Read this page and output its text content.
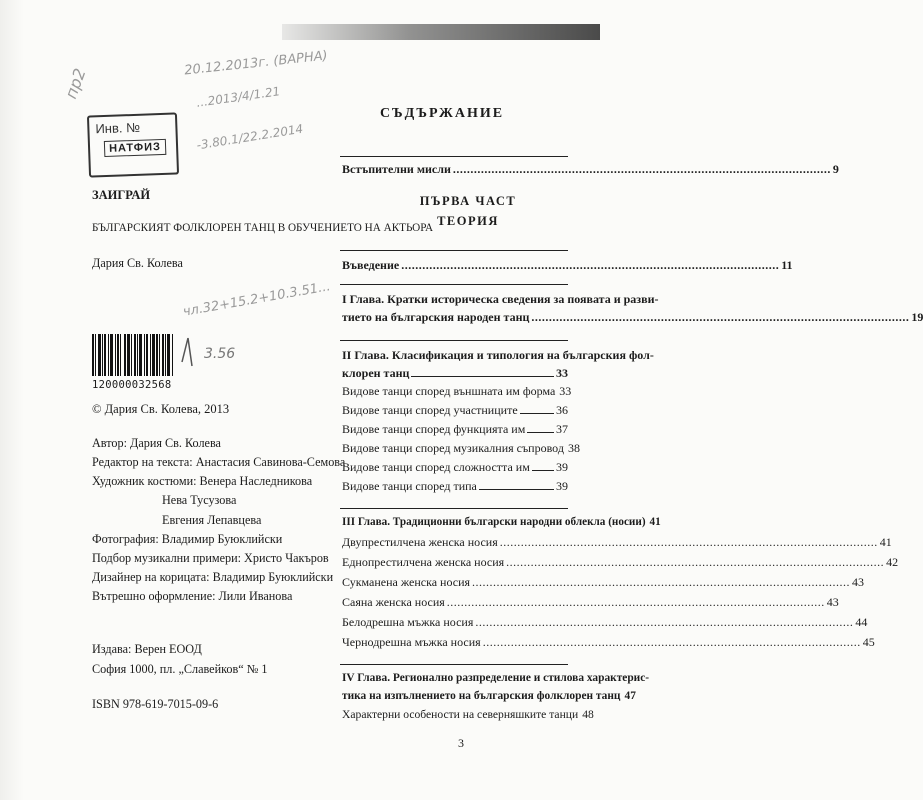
пр2
20.12.2013г. (ВАРНА)
...2013/4/1.21
-3.80.1/22.2.2014
чл.32+15.2+10.3.51...
Инв. №
НАТФИЗ
ЗАИГРАЙ
БЪЛГАРСКИЯТ ФОЛКЛОРЕН ТАНЦ В ОБУЧЕНИЕТО НА АКТЬОРА
Дария Св. Колева
120000032568
3.56
© Дария Св. Колева, 2013
Автор: Дария Св. Колева
Редактор на текста: Анастасия Савинова-Семова
Художник костюми: Венера Наследникова
Нева Тусузова
Евгения Лепавцева
Фотография: Владимир Буюклийски
Подбор музикални примери: Христо Чакъров
Дизайнер на корицата: Владимир Буюклийски
Вътрешно оформление: Лили Иванова
Издава: Верен ЕООД
София 1000, пл. „Славейков“ № 1
ISBN 978-619-7015-09-6
СЪДЪРЖАНИЕ
Встъпителни мисли .....	9
ПЪРВА ЧАСТ
ТЕОРИЯ
Въведение .....	11
I Глава. Кратки историческа сведения за появата и разви-
тието на българския народен танц .....	19
II Глава. Класификация и типология на българския фол-
клорен танц	33
Видове танци според външната им форма 33
Видове танци според участниците	36
Видове танци според функцията им	37
Видове танци според музикалния съпровод 38
Видове танци според сложността им 39
Видове танци според типа	39
III Глава. Традиционни български народни облекла (носии) 41
Двупрестилчена женска носия .....	41
Еднопрестилчена женска носия .....	42
Сукманена женска носия .....	43
Саяна женска носия .....	43
Белодрешна мъжка носия .....	44
Чернодрешна мъжка носия .....	45
IV Глава. Регионално разпределение и стилова характерис-
тика на изпълнението на българския фолклорен танц 47
Характерни особености на северняшките танци 48
3
